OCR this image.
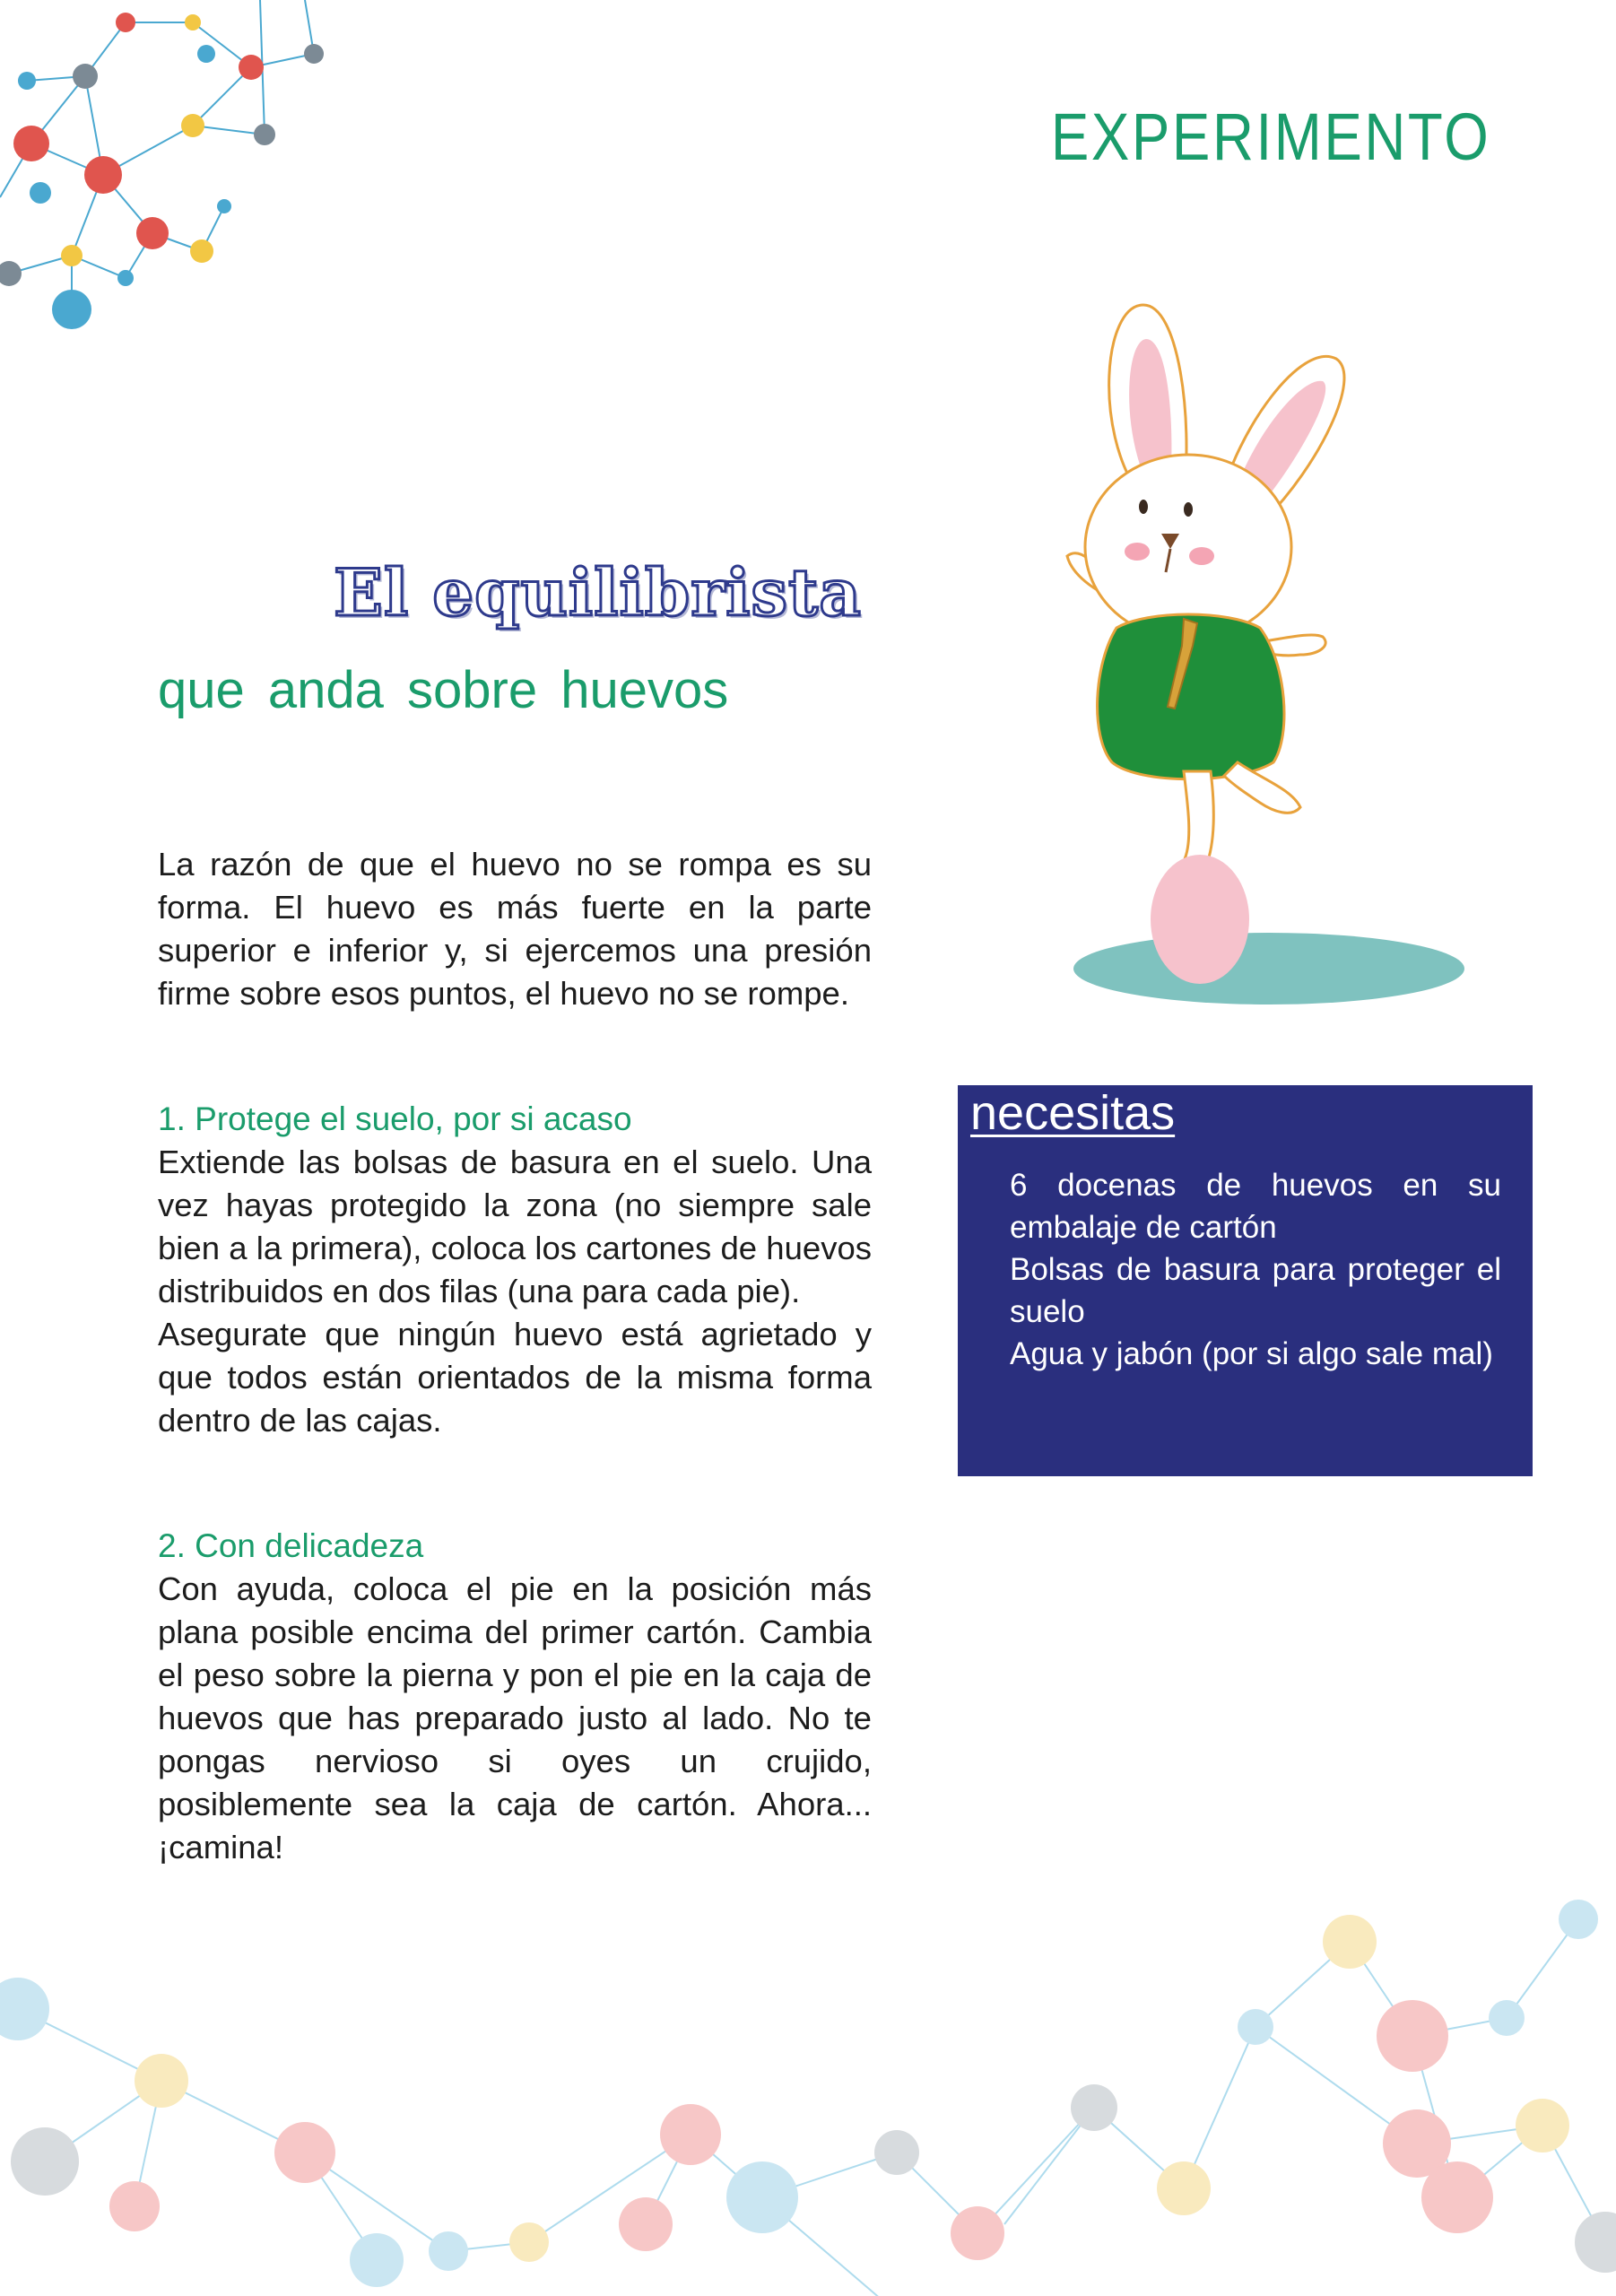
EXPERIMENTO
El equilibrista
que anda sobre huevos

La razón de que el huevo no se rompa es su forma. El huevo es más fuerte en la parte superior e inferior y, si ejercemos una presión firme sobre esos puntos, el huevo no se rompe.

1. Protege el suelo, por si acaso

Extiende las bolsas de basura en el suelo. Una vez hayas protegido la zona (no siempre sale bien a la primera), coloca los cartones de huevos distribuidos en dos filas (una para cada pie).
Asegurate que ningún huevo está agrietado y que todos están orientados de la misma forma dentro de las cajas.

2. Con delicadeza

Con ayuda, coloca el pie en la posición más plana posible encima del primer cartón. Cambia el peso sobre la pierna y pon el pie en la caja de huevos que has preparado justo al lado. No te pongas nervioso si oyes un crujido, posiblemente sea la caja de cartón. Ahora...¡camina!

necesitas
6 docenas de huevos en su embalaje de cartón
Bolsas de basura para proteger el suelo
Agua y jabón (por si algo sale mal)
